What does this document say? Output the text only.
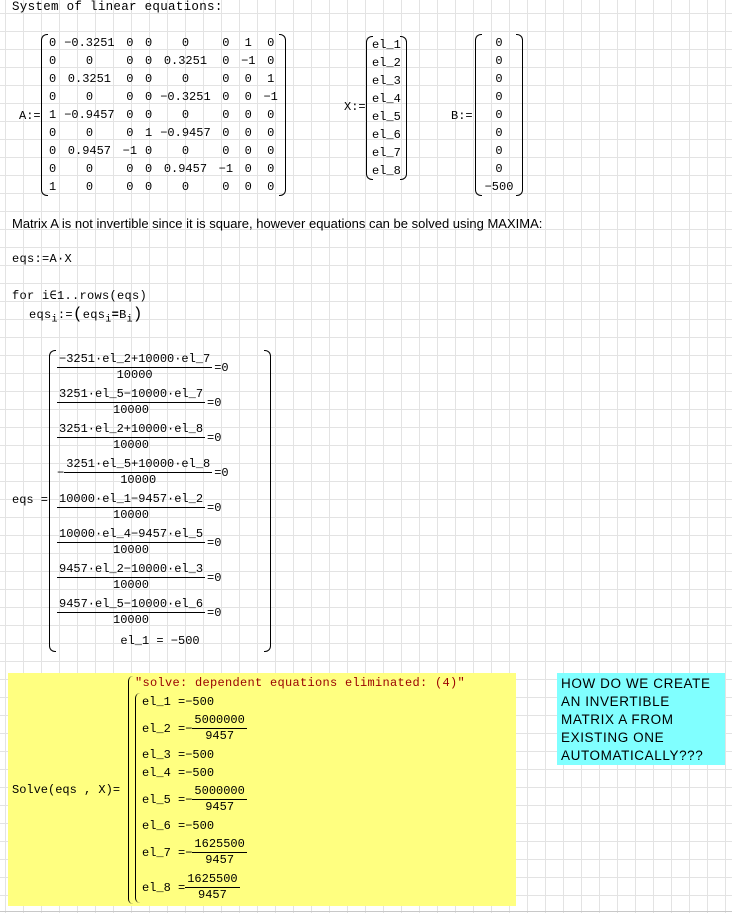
System of linear equations:
A:=
0	−0.3251	0	0	0	0	1	0
0	0	0	0	0.3251	0	−1	0
0	0.3251	0	0	0	0	0	1
0	0	0	0	−0.3251	0	0	−1
1	−0.9457	0	0	0	0	0	0
0	0	0	1	−0.9457	0	0	0
0	0.9457	−1	0	0	0	0	0
0	0	0	0	0.9457	−1	0	0
1	0	0	0	0	0	0	0
X:=
el_1
el_2
el_3
el_4
el_5
el_6
el_7
el_8
B:=
0
0
0
0
0
0
0
0
−500
Matrix A is not invertible since it is square, however equations can be solved using MAXIMA:
eqs:=A·X
for i∈1..rows(eqs)
$eqs_i:=(eqs_i=B_i)$
eqs =
$\frac{-3251\cdot el\_2+10000\cdot el\_7}{10000} =0$
$\frac{3251\cdot el\_5-10000\cdot el\_7}{10000} =0$
$\frac{3251\cdot el\_2+10000\cdot el\_8}{10000} =0$
− $\frac{3251\cdot el\_5+10000\cdot el\_8}{10000} =0$
$\frac{10000\cdot el\_1-9457\cdot el\_2}{10000} =0$
$\frac{10000\cdot el\_4-9457\cdot el\_5}{10000} =0$
$\frac{9457\cdot el\_2-10000\cdot el\_3}{10000} =0$
$\frac{9457\cdot el\_5-10000\cdot el\_6}{10000} =0$
el_1 = −500
Solve(eqs , X)=
"solve: dependent equations eliminated: (4)"
el_1 = −500
el_2 = − $\frac{5000000}{9457}$
el_3 = −500
el_4 = −500
el_5 = − $\frac{5000000}{9457}$
el_6 = −500
el_7 = − $\frac{1625500}{9457}$
el_8 = $\frac{1625500}{9457}$
HOW DO WE CREATE
AN INVERTIBLE
MATRIX A FROM
EXISTING ONE
AUTOMATICALLY???
